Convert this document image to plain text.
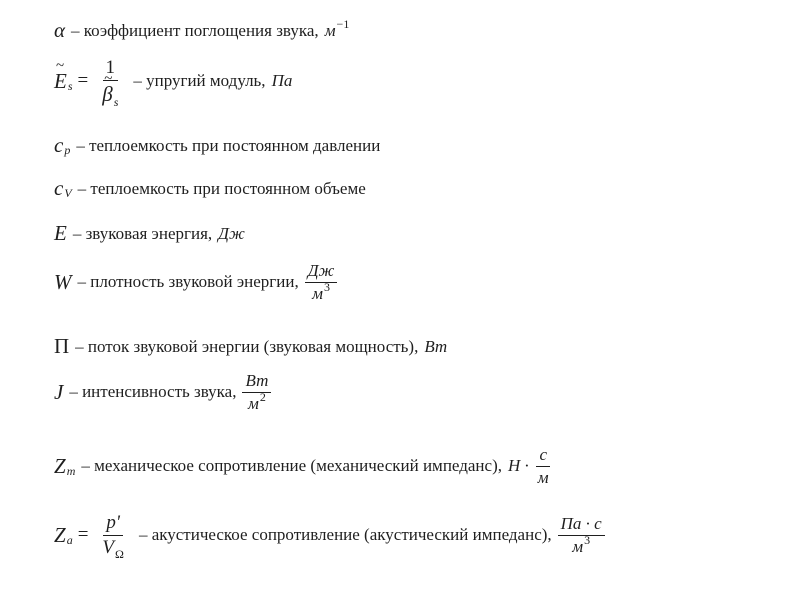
α – коэффициент поглощения звука, $м^{-1}$
~ E s = 1
~ $\beta_s$ – упругий модуль, Па
c p – теплоемкость при постоянном давлении
c V – теплоемкость при постоянном объеме
E – звуковая энергия, Дж
W – плотность звуковой энергии, $\frac{Дж}{м^3}$
Π – поток звуковой энергии (звуковая мощность), Вт
J – интенсивность звука, $\frac{Вт}{м^2}$
Z m – механическое сопротивление (механический импеданс), $Н \cdot \frac{с}{м}$
Z $a = \frac{p'}{V_\Omega}$ – акустическое сопротивление (акустический импеданс), $\frac{Па \cdot с}{м^3}$
